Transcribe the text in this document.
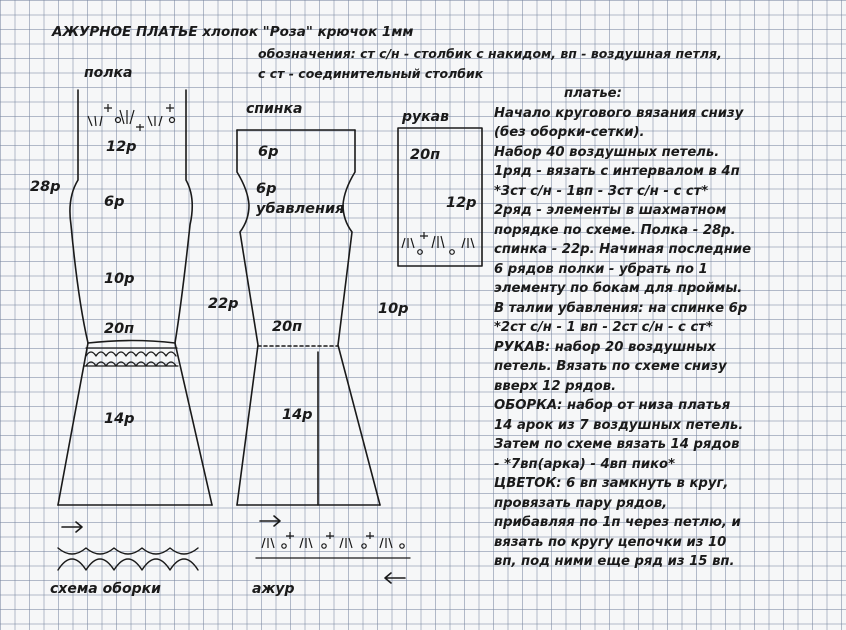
АЖУРНОЕ ПЛАТЬЕ хлопок "Роза" крючок 1мм
обозначения: ст с/н - столбик с накидом, вп - воздушная петля,
с ст - соединительный столбик
полка
28р
12р
6р
10р
20п
14р
спинка
22р	10р
6р
6р
убавления
20п
14р
рукав
20п
12р
схема оборки	ажур
платье:
Начало кругового вязания снизу
(без оборки-сетки).
Набор 40 воздушных петель.
1ряд - вязать с интервалом в 4п
*3ст с/н - 1вп - 3ст с/н - с ст*
2ряд - элементы в шахматном
порядке по схеме. Полка - 28р.
спинка - 22р. Начиная последние
6 рядов полки - убрать по 1
элементу по бокам для проймы.
В талии убавления: на спинке 6р
*2ст с/н - 1 вп - 2ст с/н - с ст*
РУКАВ: набор 20 воздушных
петель. Вязать по схеме снизу
вверх 12 рядов.
ОБОРКА: набор от низа платья
14 арок из 7 воздушных петель.
Затем по схеме вязать 14 рядов
- *7вп(арка) - 4вп пико*
ЦВЕТОК: 6 вп замкнуть в круг,
провязать пару рядов,
прибавляя по 1п через петлю, и
вязать по кругу цепочки из 10
вп, под ними еще ряд из 15 вп.
